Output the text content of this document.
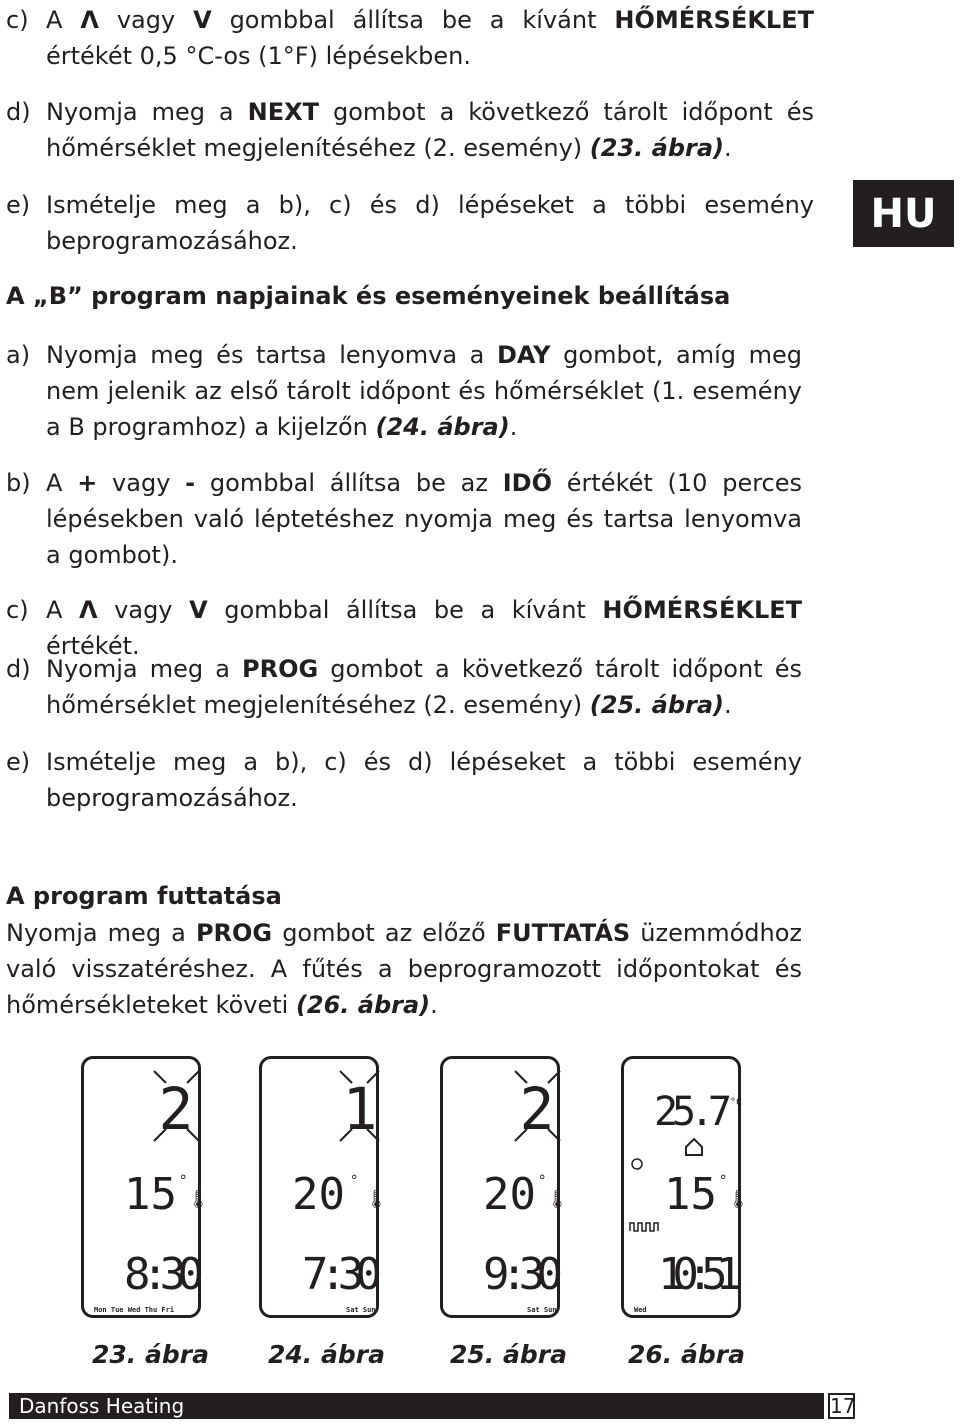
HU

c) A Λ vagy V gombbal állítsa be a kívánt HŐMÉRSÉKLET értékét 0,5 °C-os (1°F) lépésekben.

d) Nyomja meg a NEXT gombot a következő tárolt időpont és hőmérséklet megjelenítéséhez (2. esemény) (23. ábra).

e) Ismételje meg a b), c) és d) lépéseket a többi esemény beprogramozásához.

A „B” program napjainak és eseményeinek beállítása

a) Nyomja meg és tartsa lenyomva a DAY gombot, amíg meg nem jelenik az első tárolt időpont és hőmérséklet (1. esemény a B programhoz) a kijelzőn (24. ábra).

b) A + vagy - gombbal állítsa be az IDŐ értékét (10 perces lépésekben való léptetéshez nyomja meg és tartsa lenyomva a gombot).

c) A Λ vagy V gombbal állítsa be a kívánt HŐMÉRSÉKLET értékét.

d) Nyomja meg a PROG gombot a következő tárolt időpont és hőmérséklet megjelenítéséhez (2. esemény) (25. ábra).

e) Ismételje meg a b), c) és d) lépéseket a többi esemény beprogramozásához.

A program futtatása

Nyomja meg a PROG gombot az előző FUTTATÁS üzemmódhoz való visszatéréshez. A fűtés a beprogramozott időpontokat és hőmérsékleteket követi (26. ábra).

2
15 °
🌡
8:30
Mon Tue Wed Thu Fri
1
20 °
🌡
7:30
Sat Sun
2
20 °
🌡
9:30
Sat Sun
25.7
°C
15 °
🌡
10:51
Wed
23. ábra 24. ábra	25. ábra 26. ábra
Danfoss Heating	17
